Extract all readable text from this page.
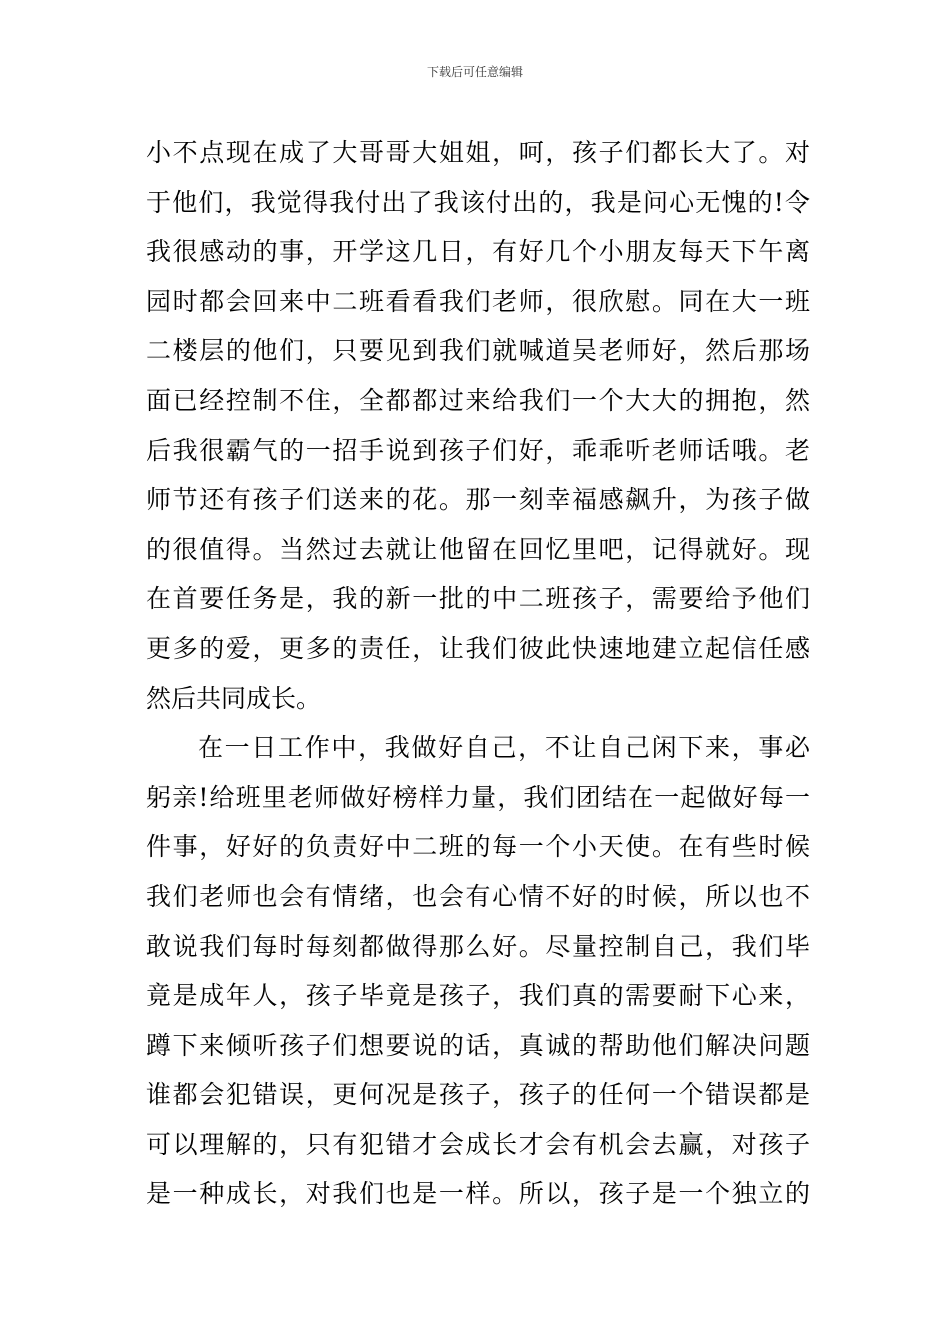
下载后可任意编辑
小不点现在成了大哥哥大姐姐，呵，孩子们都长大了。对
于他们，我觉得我付出了我该付出的，我是问心无愧的!令
我很感动的事，开学这几日，有好几个小朋友每天下午离
园时都会回来中二班看看我们老师，很欣慰。同在大一班
二楼层的他们，只要见到我们就喊道吴老师好，然后那场
面已经控制不住，全都都过来给我们一个大大的拥抱，然
后我很霸气的一招手说到孩子们好，乖乖听老师话哦。老
师节还有孩子们送来的花。那一刻幸福感飙升，为孩子做
的很值得。当然过去就让他留在回忆里吧，记得就好。现
在首要任务是，我的新一批的中二班孩子，需要给予他们
更多的爱，更多的责任，让我们彼此快速地建立起信任感
然后共同成长。
在一日工作中，我做好自己，不让自己闲下来，事必
躬亲!给班里老师做好榜样力量，我们团结在一起做好每一
件事，好好的负责好中二班的每一个小天使。在有些时候
我们老师也会有情绪，也会有心情不好的时候，所以也不
敢说我们每时每刻都做得那么好。尽量控制自己，我们毕
竟是成年人，孩子毕竟是孩子，我们真的需要耐下心来，
蹲下来倾听孩子们想要说的话，真诚的帮助他们解决问题
谁都会犯错误，更何况是孩子，孩子的任何一个错误都是
可以理解的，只有犯错才会成长才会有机会去赢，对孩子
是一种成长，对我们也是一样。所以，孩子是一个独立的
